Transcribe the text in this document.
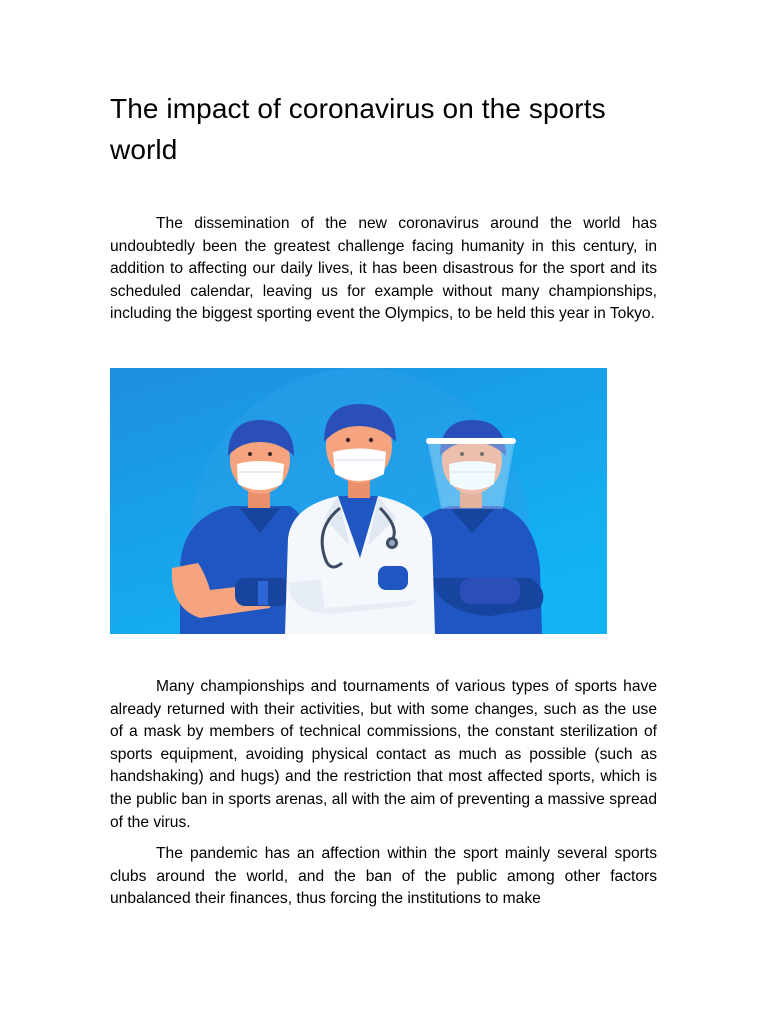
The impact of coronavirus on the sports world

The dissemination of the new coronavirus around the world has undoubtedly been the greatest challenge facing humanity in this century, in addition to affecting our daily lives, it has been disastrous for the sport and its scheduled calendar, leaving us for example without many championships, including the biggest sporting event the Olympics, to be held this year in Tokyo.

Many championships and tournaments of various types of sports have already returned with their activities, but with some changes, such as the use of a mask by members of technical commissions, the constant sterilization of sports equipment, avoiding physical contact as much as possible (such as handshaking) and hugs) and the restriction that most affected sports, which is the public ban in sports arenas, all with the aim of preventing a massive spread of the virus.

The pandemic has an affection within the sport mainly several sports clubs around the world, and the ban of the public among other factors unbalanced their finances, thus forcing the institutions to make
